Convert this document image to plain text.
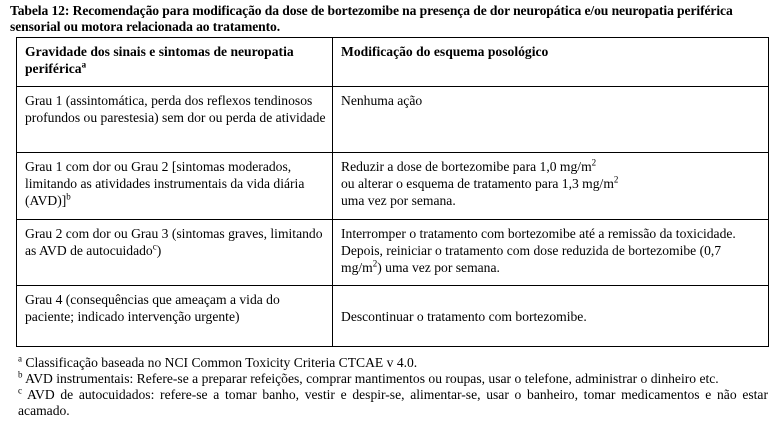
Tabela 12: Recomendação para modificação da dose de bortezomibe na presença de dor neuropática e/ou neuropatia periférica sensorial ou motora relacionada ao tratamento.
Gravidade dos sinais e sintomas de neuropatia periférica$^a$	Modificação do esquema posológico
Grau 1 (assintomática, perda dos reflexos tendinosos profundos ou parestesia) sem dor ou perda de atividade	Nenhuma ação
Grau 1 com dor ou Grau 2 [sintomas moderados, limitando as atividades instrumentais da vida diária (AVD)]$^b$	Reduzir a dose de bortezomibe para 1,0 $mg/m^2$
ou alterar o esquema de tratamento para 1,3 $mg/m^2$
uma vez por semana.
Grau 2 com dor ou Grau 3 (sintomas graves, limitando as AVD de autocuidado$^c$)	Interromper o tratamento com bortezomibe até a remissão da toxicidade. Depois, reiniciar o tratamento com dose reduzida de bortezomibe (0,7 $mg/m^2$) uma vez por semana.
Grau 4 (consequências que ameaçam a vida do paciente; indicado intervenção urgente)	Descontinuar o tratamento com bortezomibe.

$^a$ Classificação baseada no NCI Common Toxicity Criteria CTCAE v 4.0.

$^b$ AVD instrumentais: Refere-se a preparar refeições, comprar mantimentos ou roupas, usar o telefone, administrar o dinheiro etc.

$^c$ AVD de autocuidados: refere-se a tomar banho, vestir e despir-se, alimentar-se, usar o banheiro, tomar medicamentos e não estar acamado.
